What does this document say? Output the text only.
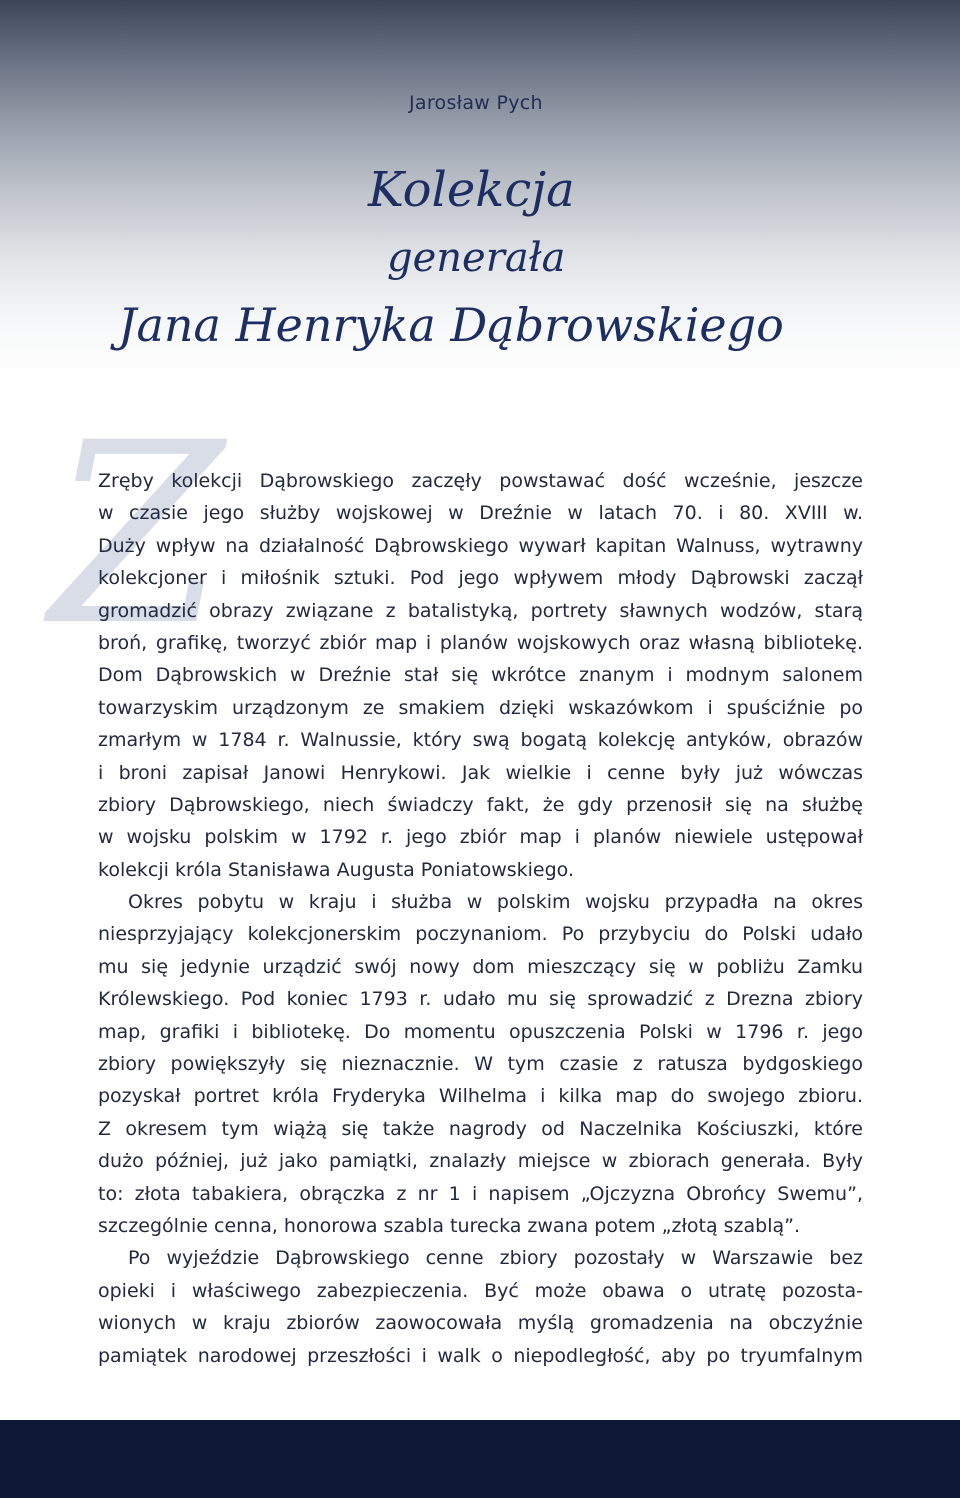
Jarosław Pych
Kolekcja
generała
Jana Henryka Dąbrowskiego
Z
Zręby kolekcji Dąbrowskiego zaczęły powstawać dość wcześnie, jeszcze
w czasie jego służby wojskowej w Dreźnie w latach 70. i 80. XVIII w.
Duży wpływ na działalność Dąbrowskiego wywarł kapitan Walnuss, wytrawny
kolekcjoner i miłośnik sztuki. Pod jego wpływem młody Dąbrowski zaczął
gromadzić obrazy związane z batalistyką, portrety sławnych wodzów, starą
broń, grafikę, tworzyć zbiór map i planów wojskowych oraz własną bibliotekę.
Dom Dąbrowskich w Dreźnie stał się wkrótce znanym i modnym salonem
towarzyskim urządzonym ze smakiem dzięki wskazówkom i spuściźnie po
zmarłym w 1784 r. Walnussie, który swą bogatą kolekcję antyków, obrazów
i broni zapisał Janowi Henrykowi. Jak wielkie i cenne były już wówczas
zbiory Dąbrowskiego, niech świadczy fakt, że gdy przenosił się na służbę
w wojsku polskim w 1792 r. jego zbiór map i planów niewiele ustępował
kolekcji króla Stanisława Augusta Poniatowskiego.
Okres pobytu w kraju i służba w polskim wojsku przypadła na okres
niesprzyjający kolekcjonerskim poczynaniom. Po przybyciu do Polski udało
mu się jedynie urządzić swój nowy dom mieszczący się w pobliżu Zamku
Królewskiego. Pod koniec 1793 r. udało mu się sprowadzić z Drezna zbiory
map, grafiki i bibliotekę. Do momentu opuszczenia Polski w 1796 r. jego
zbiory powiększyły się nieznacznie. W tym czasie z ratusza bydgoskiego
pozyskał portret króla Fryderyka Wilhelma i kilka map do swojego zbioru.
Z okresem tym wiążą się także nagrody od Naczelnika Kościuszki, które
dużo później, już jako pamiątki, znalazły miejsce w zbiorach generała. Były
to: złota tabakiera, obrączka z nr 1 i napisem „Ojczyzna Obrońcy Swemu”,
szczególnie cenna, honorowa szabla turecka zwana potem „złotą szablą”.
Po wyjeździe Dąbrowskiego cenne zbiory pozostały w Warszawie bez
opieki i właściwego zabezpieczenia. Być może obawa o utratę pozosta-
wionych w kraju zbiorów zaowocowała myślą gromadzenia na obczyźnie
pamiątek narodowej przeszłości i walk o niepodległość, aby po tryumfalnym
